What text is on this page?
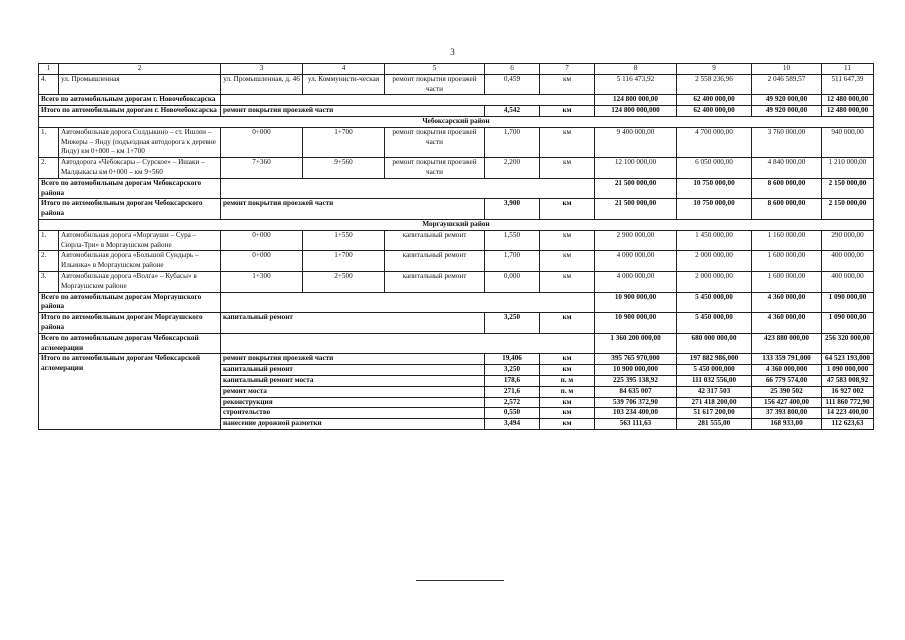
3
1	2	3	4	5	6	7	8	9	10	11
4.	ул. Промышленная	ул. Промышленная, д. 46	ул. Коммунисти-ческая	ремонт покрытия проезжей части	0,459	км	5 116 473,92	2 558 236,96	2 046 589,57	511 647,39
Всего по автомобильным дорогам г. Новочебоксарска							124 800 000,00	62 400 000,00	49 920 000,00	12 480 000,00
Итого по автомобильным дорогам г. Новочебоксарска		ремонт покрытия проезжей части			4,542	км	124 800 000,000	62 400 000,00	49 920 000,00	12 480 000,00
Чебоксарский район										
1.	Автомобильная дорога Солдыкино – ст. Ишлеи – Мижеры – Янду (подъездная автодорога к деревне Янду) км 0+000 – км 1+700	0+000	1+700	ремонт покрытия проезжей части	1,700	км	9 400 000,00	4 700 000,00	3 760 000,00	940 000,00
2.	Автодорога «Чебоксары – Сурское» – Ишаки – Малдыкасы км 0+000 – км 9+560	7+360	9+560	ремонт покрытия проезжей части	2,200	км	12 100 000,00	6 050 000,00	4 840 000,00	1 210 000,00
Всего по автомобильным дорогам Чебоксарского района							21 500 000,00	10 750 000,00	8 600 000,00	2 150 000,00
Итого по автомобильным дорогам Чебоксарского района		ремонт покрытия проезжей части			3,900	км	21 500 000,00	10 750 000,00	8 600 000,00	2 150 000,00
Моргаушский район										
1.	Автомобильная дорога «Моргауши – Сура – Сюрла-Три» в Моргаушском районе	0+000	1+550	капитальный ремонт	1,550	км	2 900 000,00	1 450 000,00	1 160 000,00	290 000,00
2.	Автомобильная дорога «Большой Сундырь – Ильинка» в Моргаушском районе	0+000	1+700	капитальный ремонт	1,700	км	4 000 000,00	2 000 000,00	1 600 000,00	400 000,00
3.	Автомобильная дорога «Волга» – Кубасы» в Моргаушском районе	1+300	2+500	капитальный ремонт	0,000	км	4 000 000,00	2 000 000,00	1 600 000,00	400 000,00
Всего по автомобильным дорогам Моргаушского района							10 900 000,00	5 450 000,00	4 360 000,00	1 090 000,00
Итого по автомобильным дорогам Моргаушского района		капитальный ремонт			3,250	км	10 900 000,00	5 450 000,00	4 360 000,00	1 090 000,00
Всего по автомобильным дорогам Чебоксарской агломерации							1 360 200 000,00	680 000 000,00	423 880 000,00	256 320 000,00
Итого по автомобильным дорогам Чебоксарской агломерации		ремонт покрытия проезжей части			19,406	км	395 765 970,000	197 882 986,000	133 359 791,000	64 523 193,000
		капитальный ремонт			3,250	км	10 900 000,000	5 450 000,000	4 360 000,000	1 090 000,000
		капитальный ремонт моста			178,6	п. м	225 395 138,92	111 032 556,00	66 779 574,00	47 583 008,92
		ремонт моста			271,6	п. м	84 635 007	42 317 503	25 390 502	16 927 002
		реконструкция			2,572	км	539 706 372,90	271 418 200,00	156 427 400,00	111 860 772,90
		строительство			0,550	км	103 234 400,00	51 617 200,00	37 393 800,00	14 223 400,00
		нанесение дорожной разметки			3,494	км	563 111,63	281 555,00	168 933,00	112 623,63
